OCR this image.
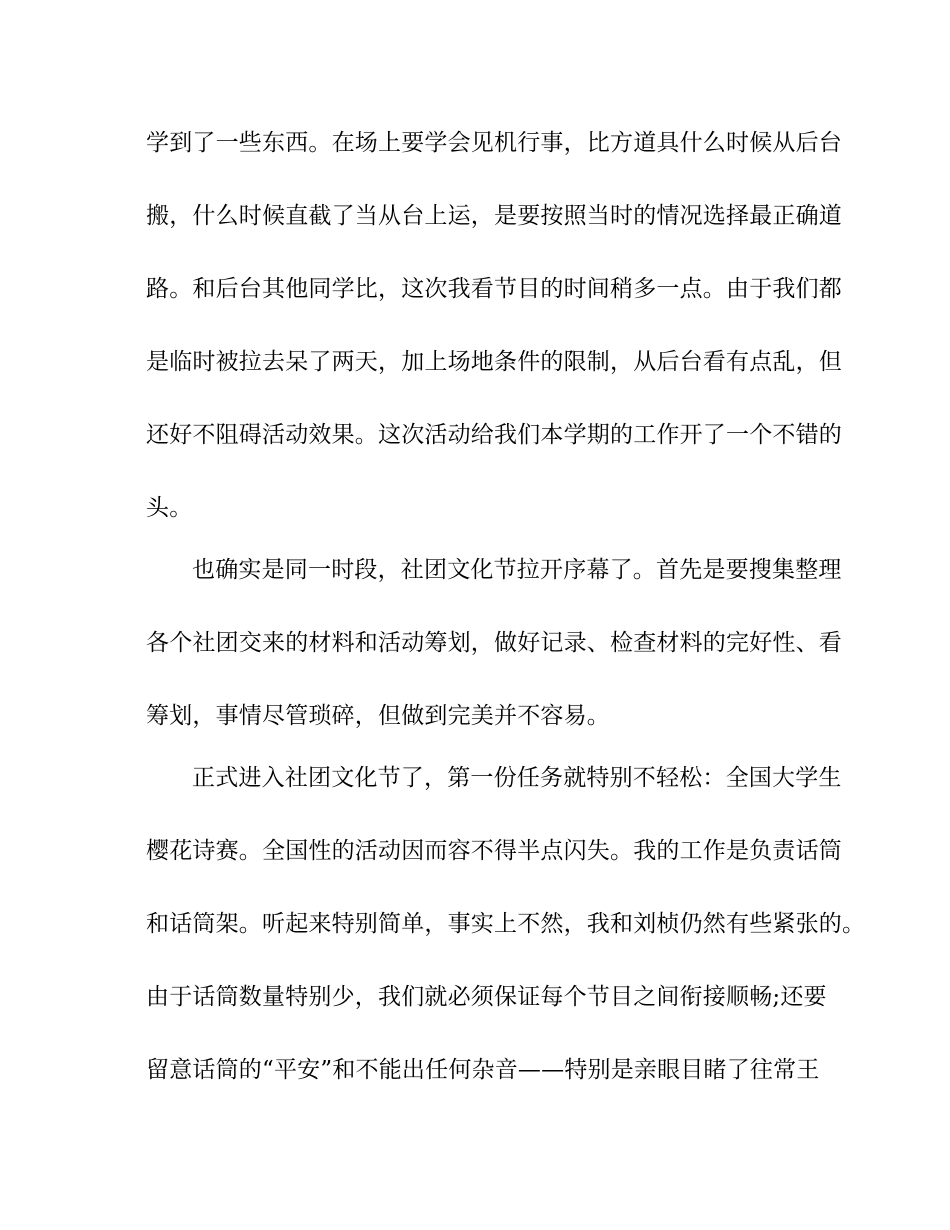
学到了一些东西。在场上要学会见机行事，比方道具什么时候从后台

搬，什么时候直截了当从台上运，是要按照当时的情况选择最正确道

路。和后台其他同学比，这次我看节目的时间稍多一点。由于我们都

是临时被拉去呆了两天，加上场地条件的限制，从后台看有点乱，但

还好不阻碍活动效果。这次活动给我们本学期的工作开了一个不错的

头。

也确实是同一时段，社团文化节拉开序幕了。首先是要搜集整理

各个社团交来的材料和活动筹划，做好记录、检查材料的完好性、看

筹划，事情尽管琐碎，但做到完美并不容易。

正式进入社团文化节了，第一份任务就特别不轻松：全国大学生

樱花诗赛。全国性的活动因而容不得半点闪失。我的工作是负责话筒

和话筒架。听起来特别简单，事实上不然，我和刘桢仍然有些紧张的。

由于话筒数量特别少，我们就必须保证每个节目之间衔接顺畅;还要

留意话筒的“平安”和不能出任何杂音——特别是亲眼目睹了往常王
